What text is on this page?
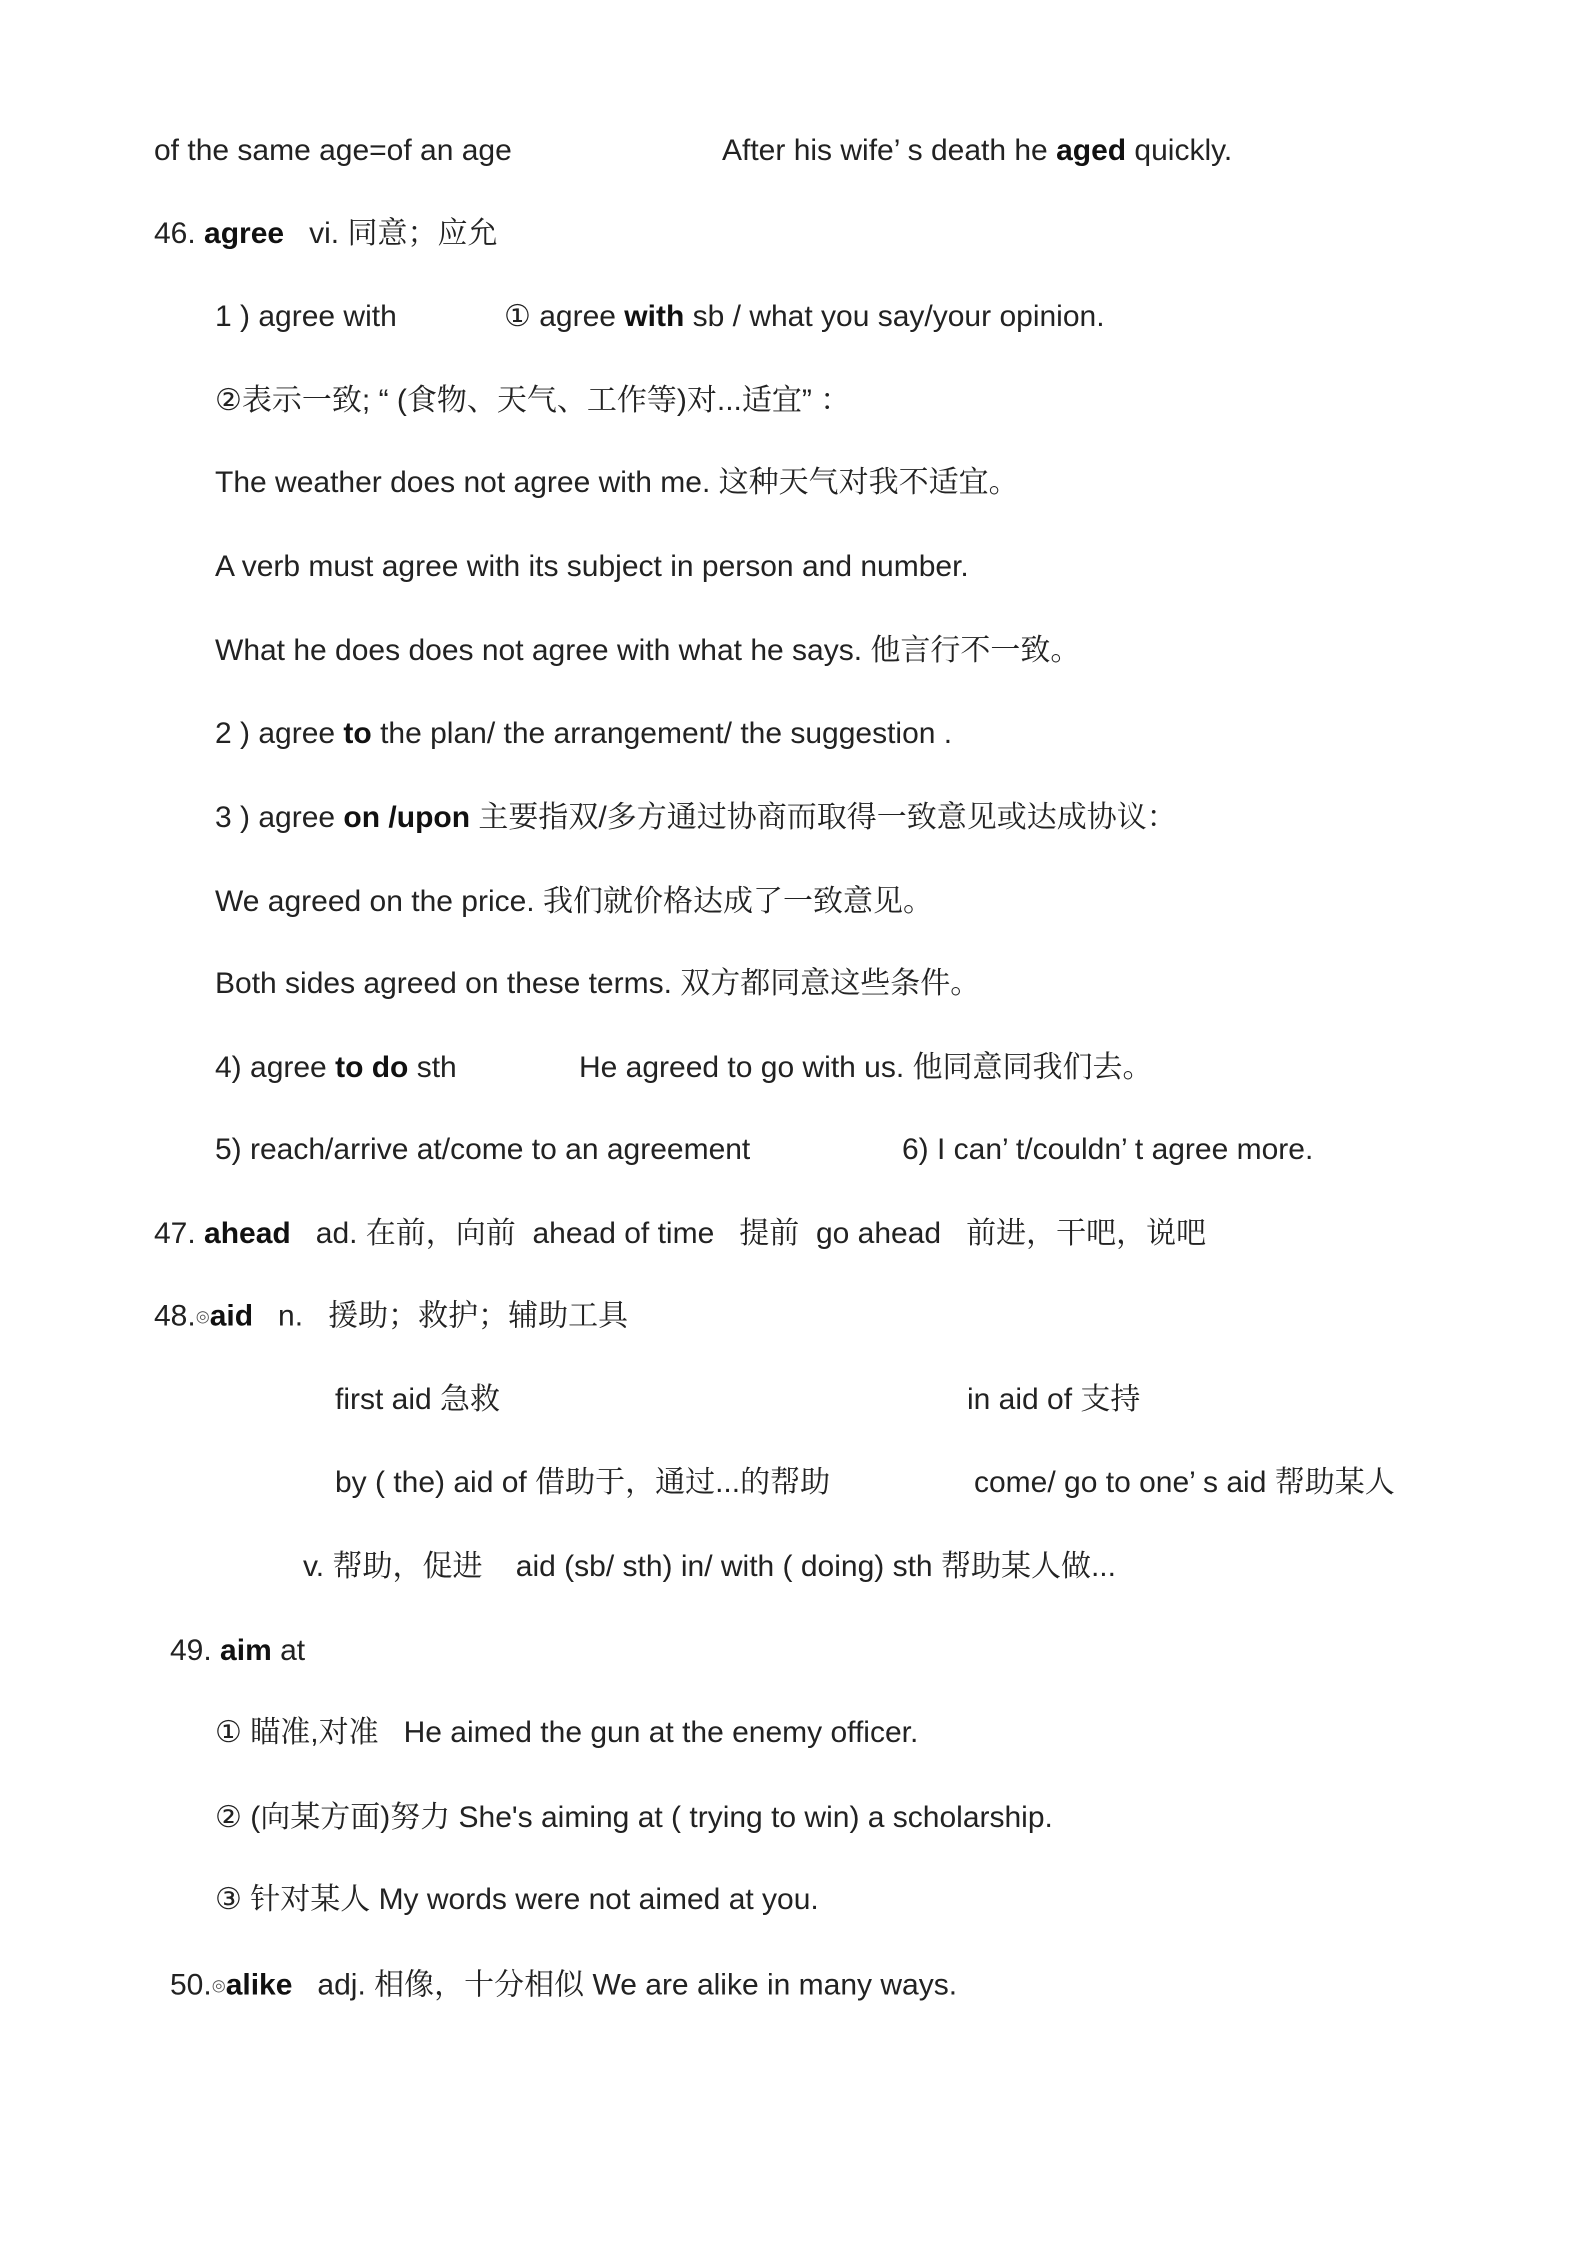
of the same age=of an age	After his wife’ s death he aged quickly.
46. agree   vi. 同意；应允
1 ) agree with	① agree with sb / what you say/your opinion.
②表示一致; “ (食物、天气、工作等)对...适宜” ：
The weather does not agree with me. 这种天气对我不适宜。
A verb must agree with its subject in person and number.
What he does does not agree with what he says. 他言行不一致。
2 ) agree to the plan/ the arrangement/ the suggestion .
3 ) agree on /upon 主要指双/多方通过协商而取得一致意见或达成协议：
We agreed on the price. 我们就价格达成了一致意见。
Both sides agreed on these terms. 双方都同意这些条件。
4) agree to do sth	He agreed to go with us. 他同意同我们去。
5) reach/arrive at/come to an agreement	6) I can’ t/couldn’ t agree more.
47. ahead   ad. 在前，向前  ahead of time   提前  go ahead   前进，干吧，说吧
48.◎aid   n.   援助；救护；辅助工具
first aid 急救	in aid of 支持
by ( the) aid of 借助于，通过...的帮助	come/ go to one’ s aid 帮助某人
v. 帮助，促进    aid (sb/ sth) in/ with ( doing) sth 帮助某人做...
49. aim at
① 瞄准,对准   He aimed the gun at the enemy officer.
② (向某方面)努力 She's aiming at ( trying to win) a scholarship.
③ 针对某人 My words were not aimed at you.
50.◎alike   adj. 相像，十分相似 We are alike in many ways.
